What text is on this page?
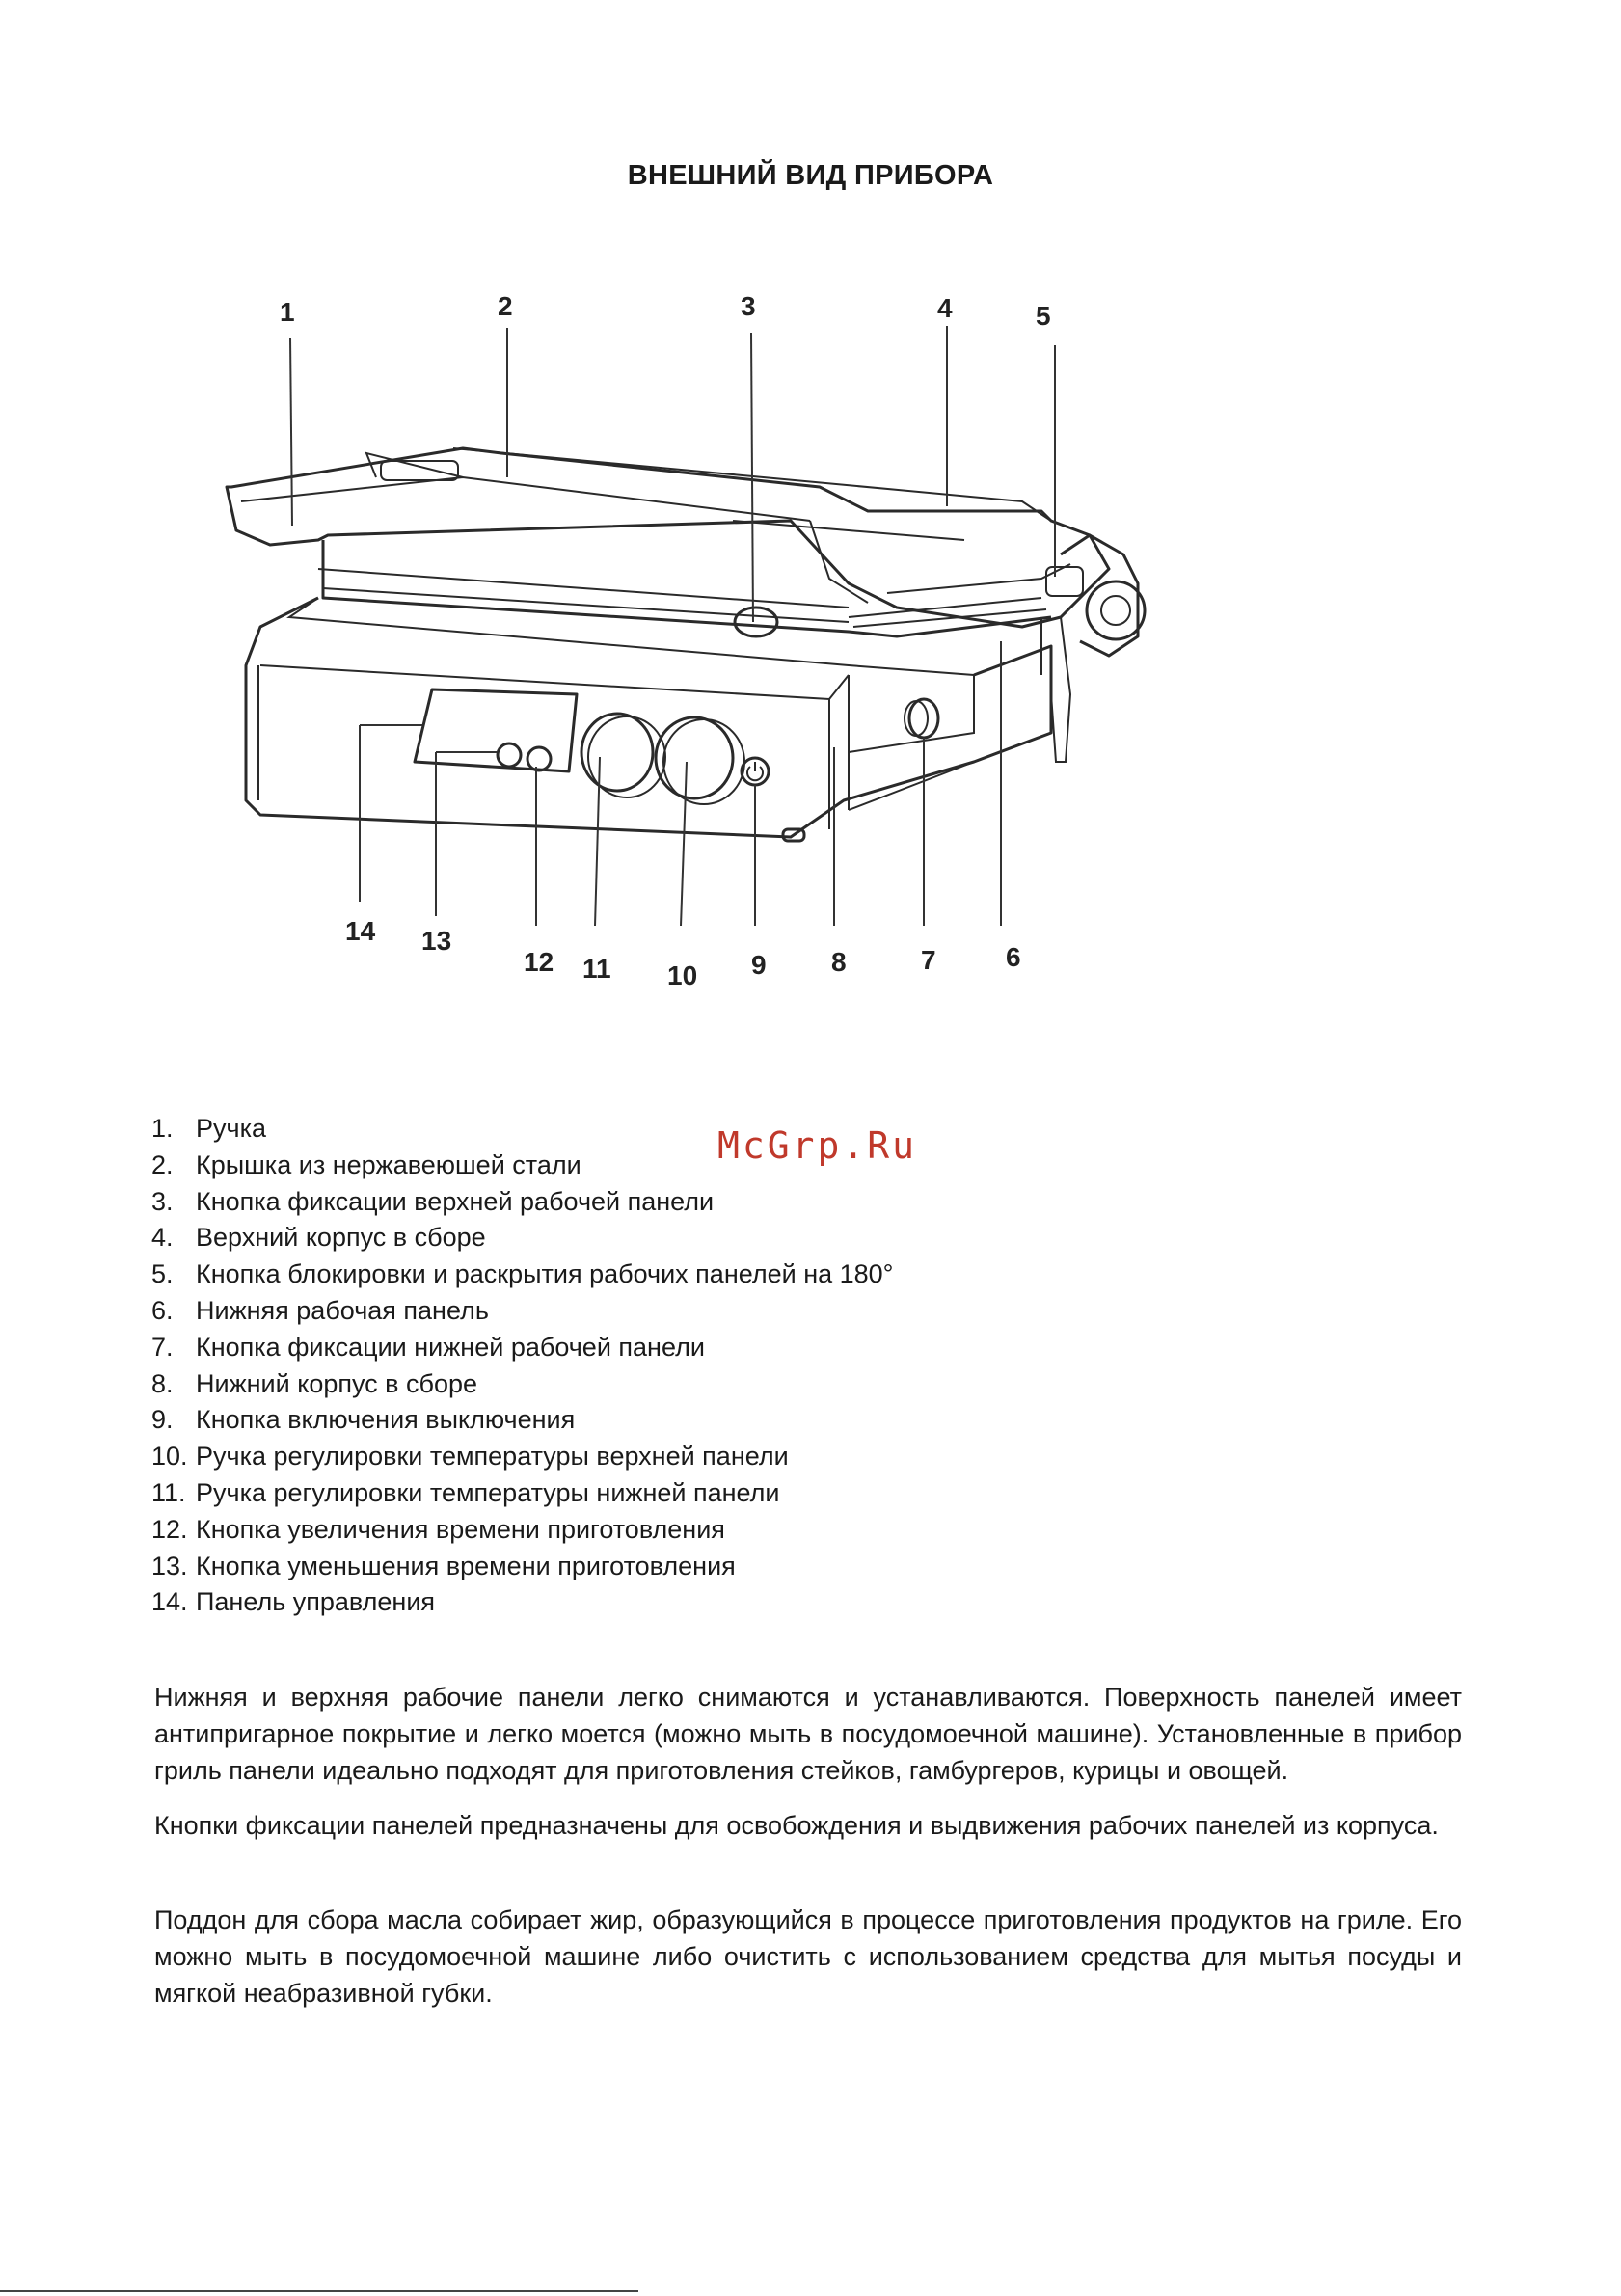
ВНЕШНИЙ ВИД ПРИБОРА
1	2	3	4	5
6
7
8
9
10
11
12
13
14
McGrp.Ru
1. Ручка
2. Крышка из нержавеюшей стали
3. Кнопка фиксации верхней рабочей панели
4. Верхний корпус в сборе
5. Кнопка блокировки и раскрытия рабочих панелей на 180°
6. Нижняя рабочая панель
7. Кнопка фиксации нижней рабочей панели
8. Нижний корпус в сборе
9. Кнопка включения выключения
10. Ручка регулировки температуры верхней панели
11. Ручка регулировки температуры нижней панели
12. Кнопка увеличения времени приготовления
13. Кнопка уменьшения времени приготовления
14. Панель управления

Нижняя и верхняя рабочие панели легко снимаются и устанавливаются. Поверхность панелей имеет антипригарное покрытие и легко моется (можно мыть в посудомоечной машине). Установленные в прибор гриль панели идеально подходят для приготовления стейков, гамбургеров, курицы и овощей.

Кнопки фиксации панелей предназначены для освобождения и выдвижения рабочих панелей из корпуса.

Поддон для сбора масла собирает жир, образующийся в процессе приготовления продуктов на гриле. Его можно мыть в посудомоечной машине либо очистить с использованием средства для мытья посуды и мягкой неабразивной губки.
